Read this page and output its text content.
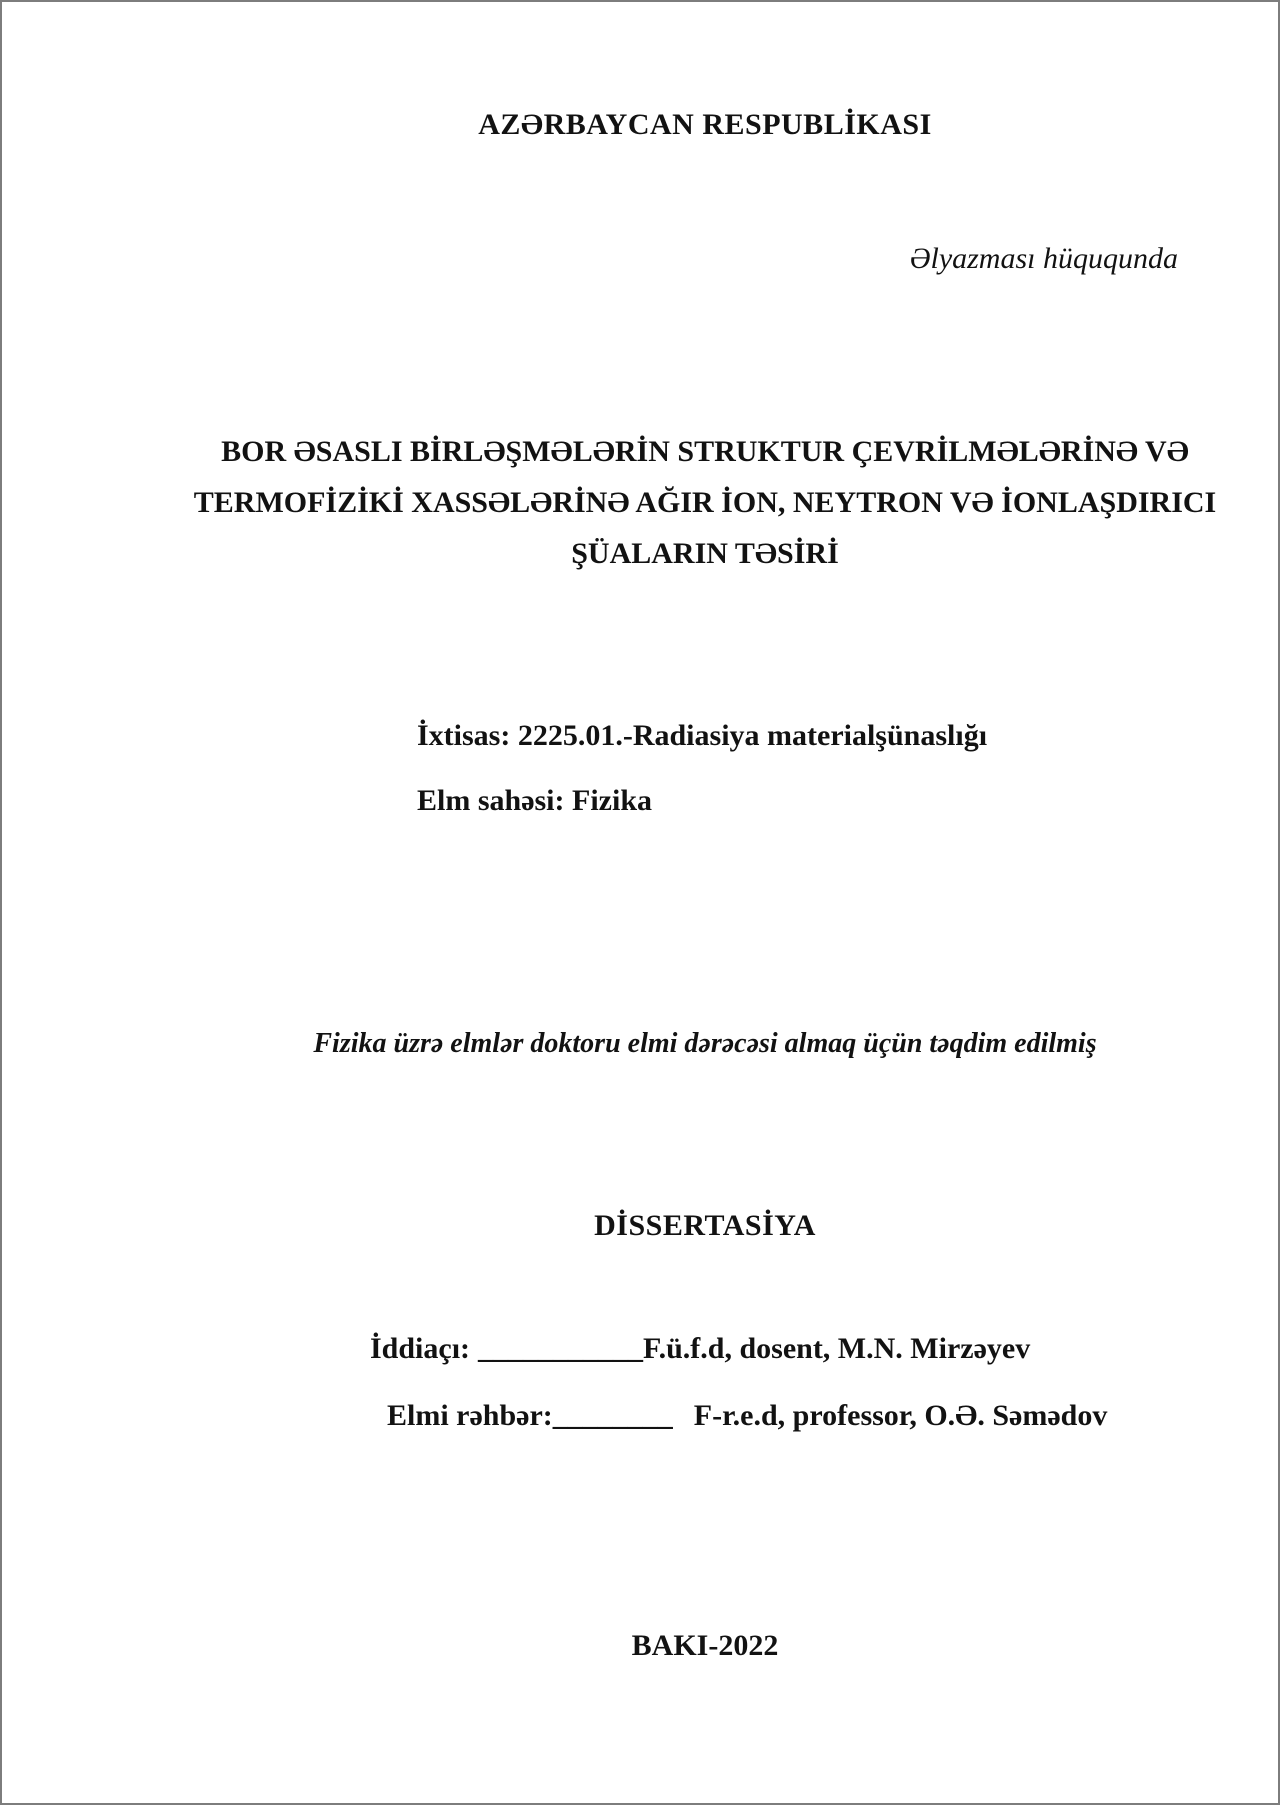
AZƏRBAYCAN RESPUBLİKASI
Əlyazması hüququnda
BOR ƏSASLI BİRLƏŞMƏLƏRİN STRUKTUR ÇEVRİLMƏLƏRİNƏ VƏ
TERMOFİZİKİ XASSƏLƏRİNƏ AĞIR İON, NEYTRON VƏ İONLAŞDIRICI
ŞÜALARIN TƏSİRİ
İxtisas: 2225.01.-Radiasiya materialşünaslığı
Elm sahəsi: Fizika
Fizika üzrə elmlər doktoru elmi dərəcəsi almaq üçün təqdim edilmiş
DİSSERTASİYA
İddiaçı: ___________F.ü.f.d, dosent, M.N. Mirzəyev
Elmi rəhbər:________ F-r.e.d, professor, O.Ə. Səmədov
BAKI-2022
